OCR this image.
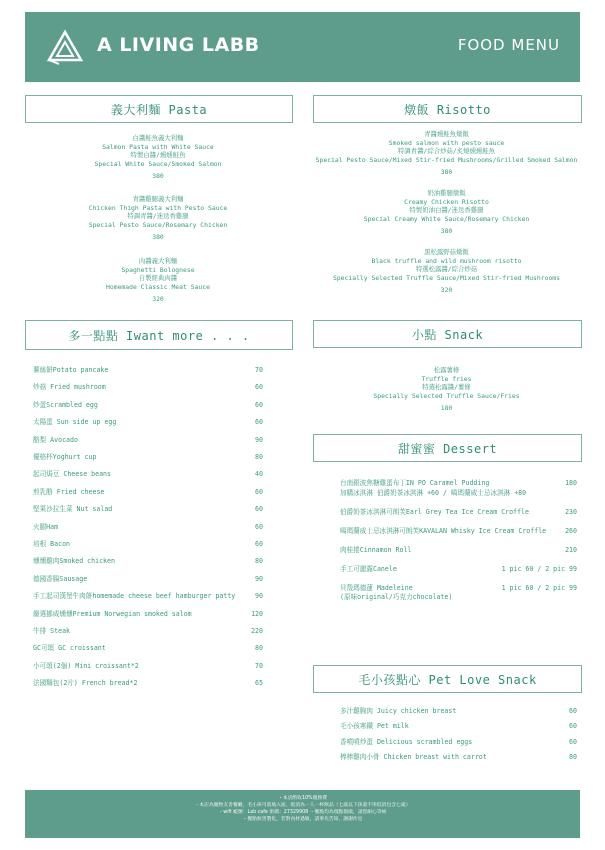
A LIVING LABB	FOOD MENU
義大利麵 Pasta
白醬鮭魚義大利麵
Salmon Pasta with White Sauce
特製白醬/燻燻鮭魚
Special White Sauce/Smoked Salmon
380
青醬雞腿義大利麵
Chicken Thigh Pasta with Pesto Sauce
特調青醬/迷迭香雞腿
Special Pesto Sauce/Rosemary Chicken
380
肉醬義大利麵
Spaghetti Bolognese
自製經典肉醬
Homemade Classic Meat Sauce
320
燉飯 Risotto
青醬燻鮭魚燉飯
Smoked salmon with pesto sauce
特調青醬/綜合炒菇/炙燒燻燻鮭魚
Special Pesto Sauce/Mixed Stir-fried Mushrooms/Grilled Smoked Salmon
380
奶油雞腿燉飯
Creamy Chicken Risotto
特製奶油白醬/迷迭香雞腿
Special Creamy White Sauce/Rosemary Chicken
380
黑松露野菇燉飯
Black truffle and wild mushroom risotto
特選松露醬/綜合炒菇
Specially Selected Truffle Sauce/Mixed Stir-fried Mushrooms
320
多一點點 Iwant more . . .
薯絲餅Potato pancake	70
炒菇 Fried mushroom	60
炒蛋Scrambled egg	60
太陽蛋 Sun side up egg	60
酪梨 Avocado	90
優格杯Yoghurt cup	80
起司焗豆 Cheese beans	40
煎乳酪 Fried cheese	60
堅果沙拉生菜 Nut salad	60
火腿Ham	60
培根 Bacon	60
燻燻雞肉Smoked chicken	80
德國香腸Sausage	90
手工起司漢堡牛肉餅homemade cheese beef hamburger patty	90
嚴選挪威燻燻Premium Norwegian smoked salom	120
牛排 Steak	220
GC可頌 GC croissant	80
小可頌(2個) Mini croissant*2	70
法國麵包(2片) French bread*2	65
小點 Snack
松露薯條
Truffle fries
特選松露醬/薯條
Specially Selected Truffle Sauce/Fries
180
甜蜜蜜 Dessert
台南銀波焦糖雞蛋布丁IN PO Caramel Pudding	180
加購冰淇淋 伯爵奶茶冰淇淋 +60 / 噶瑪蘭威士忌冰淇淋 +80
伯爵奶茶冰淇淋可朗芙Earl Grey Tea Ice Cream Croffle	230
噶瑪蘭威士忌冰淇淋可朗芙KAVALAN Whisky Ice Cream Croffle	260
肉桂捲Cinnamon Roll	210
手工可麗露Canele	1 pic 60 / 2 pic 99
貝殼瑪德蓮 Madeleine	1 pic 60 / 2 pic 99
(原味original/巧克力chocolate)
毛小孩點心 Pet Love Snack
多汁雞胸肉 Juicy chicken breast	60
毛小孩寒鐵 Pet milk	60
香噴噴炒蛋 Delicious scrambled eggs	60
棒棒雞肉小骨 Chicken breast with carrot	80
・本店酌收10%服務費
・本店為寵物友善餐廳，毛小孩可落地入座，低消為一人一杯飲品（七歲以下孩童不用低消包含七歲）
・wifi 帳號：Lab cafe 密碼：27329908 ・餐點均為現點現做，請您耐心等候
・餐點無害製化，若對食材過敏，請事先告知，謝謝作見
